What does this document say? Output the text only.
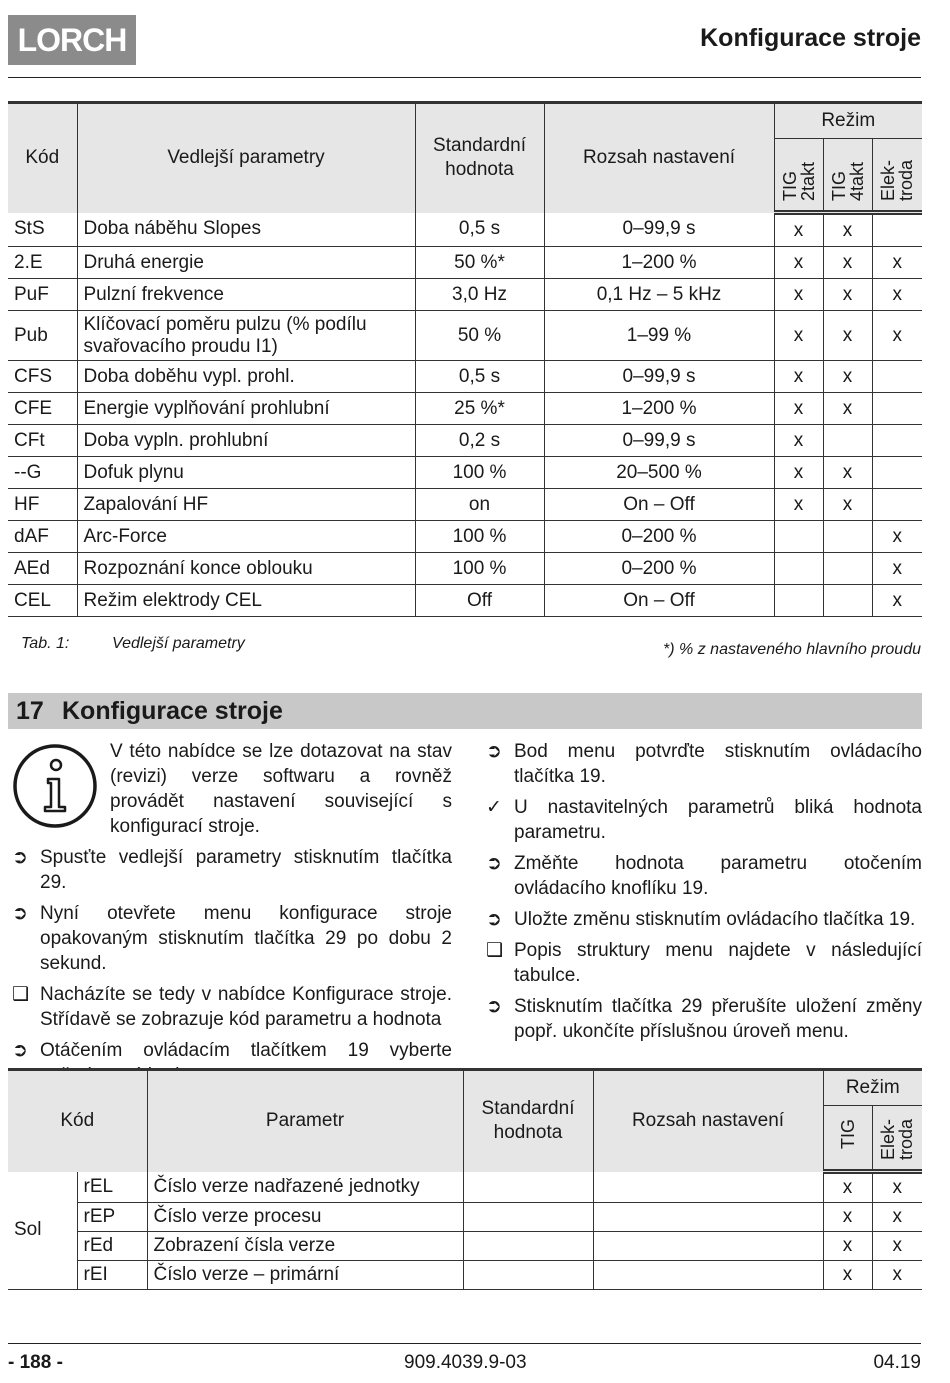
LORCH	Konfigurace stroje
Kód	Vedlejší parametry	Standardní hodnota	Rozsah nastavení	Režim		
				TIG 2takt	TIG 4takt	Elek- troda
StS	Doba náběhu Slopes	0,5 s	0–99,9 s	x	x	
2.E	Druhá energie	50 %*	1–200 %	x	x	x
PuF	Pulzní frekvence	3,0 Hz	0,1 Hz – 5 kHz	x	x	x
Pub	Klíčovací poměru pulzu (% podílu svařovacího proudu I1)	50 %	1–99 %	x	x	x
CFS	Doba doběhu vypl. prohl.	0,5 s	0–99,9 s	x	x	
CFE	Energie vyplňování prohlubní	25 %*	1–200 %	x	x	
CFt	Doba vypln. prohlubní	0,2 s	0–99,9 s	x		
--G	Dofuk plynu	100 %	20–500 %	x	x	
HF	Zapalování HF	on	On – Off	x	x	
dAF	Arc-Force	100 %	0–200 %			x
AEd	Rozpoznání konce oblouku	100 %	0–200 %			x
CEL	Režim elektrody CEL	Off	On – Off			x
Tab. 1:	Vedlejší parametry	*) % z nastaveného hlavního proudu
17 Konfigurace stroje
V této nabídce se lze dotazovat na stav (revizi) verze softwaru a rovněž provádět nastavení související s konfigurací stroje.
➲ Spusťte vedlejší parametry stisknutím tlačítka 29.
➲ Nyní otevřete menu konfigurace stroje opakovaným stisknutím tlačítka 29 po dobu 2 sekund.
❑ Nacházíte se tedy v nabídce Konfigurace stroje. Střídavě se zobrazuje kód parametru a hodnota
➲ Otáčením ovládacím tlačítkem 19 vyberte
➲ Bod menu potvrďte stisknutím ovládacího tlačítka 19.
✓ U nastavitelných parametrů bliká hodnota parametru.
➲ Změňte hodnota parametru otočením ovládacího knoflíku 19.
➲ Uložte změnu stisknutím ovládacího tlačítka 19.
❑ Popis struktury menu najdete v následující tabulce.
➲ Stisknutím tlačítka 29 přerušíte uložení změny popř. ukončíte příslušnou úroveň menu.
Kód		Parametr	Standardní hodnota	Rozsah nastavení	Režim	
					TIG	Elek- troda
Sol	rEL	Číslo verze nadřazené jednotky			x	x
	rEP	Číslo verze procesu			x	x
	rEd	Zobrazení čísla verze			x	x
	rEI	Číslo verze – primární			x	x
- 188 -	909.4039.9-03	04.19
